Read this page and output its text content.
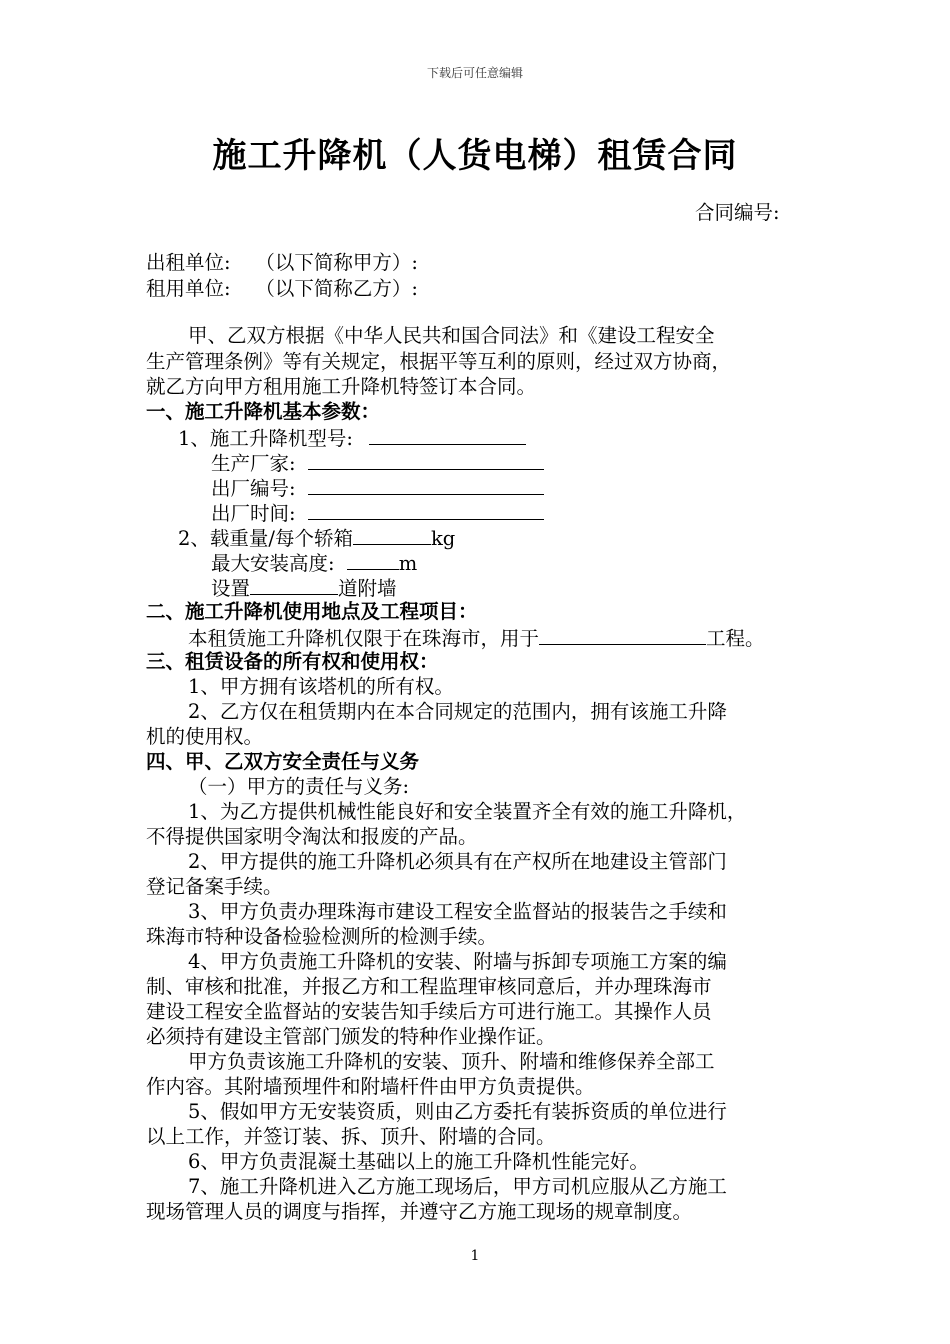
下载后可任意编辑
施工升降机（人货电梯）租赁合同
合同编号:
出租单位:    （以下简称甲方）:
租用单位:    （以下简称乙方）:
甲、乙双方根据《中华人民共和国合同法》和《建设工程安全
生产管理条例》等有关规定，根据平等互利的原则，经过双方协商，
就乙方向甲方租用施工升降机特签订本合同。
一、施工升降机基本参数：
1、施工升降机型号:
生产厂家:
出厂编号:
出厂时间:
2、载重量/每个轿箱	kg
最大安装高度:	m
设置	道附墙
二、施工升降机使用地点及工程项目：
本租赁施工升降机仅限于在珠海市，用于	工程。
三、租赁设备的所有权和使用权：
1、甲方拥有该塔机的所有权。
2、乙方仅在租赁期内在本合同规定的范围内，拥有该施工升降
机的使用权。
四、甲、乙双方安全责任与义务
（一）甲方的责任与义务:
1、为乙方提供机械性能良好和安全装置齐全有效的施工升降机，
不得提供国家明令淘汰和报废的产品。
2、甲方提供的施工升降机必须具有在产权所在地建设主管部门
登记备案手续。
3、甲方负责办理珠海市建设工程安全监督站的报装告之手续和
珠海市特种设备检验检测所的检测手续。
4、甲方负责施工升降机的安装、附墙与拆卸专项施工方案的编
制、审核和批准，并报乙方和工程监理审核同意后，并办理珠海市
建设工程安全监督站的安装告知手续后方可进行施工。其操作人员
必须持有建设主管部门颁发的特种作业操作证。
甲方负责该施工升降机的安装、顶升、附墙和维修保养全部工
作内容。其附墙预埋件和附墙杆件由甲方负责提供。
5、假如甲方无安装资质，则由乙方委托有装拆资质的单位进行
以上工作，并签订装、拆、顶升、附墙的合同。
6、甲方负责混凝土基础以上的施工升降机性能完好。
7、施工升降机进入乙方施工现场后，甲方司机应服从乙方施工
现场管理人员的调度与指挥，并遵守乙方施工现场的规章制度。
1
